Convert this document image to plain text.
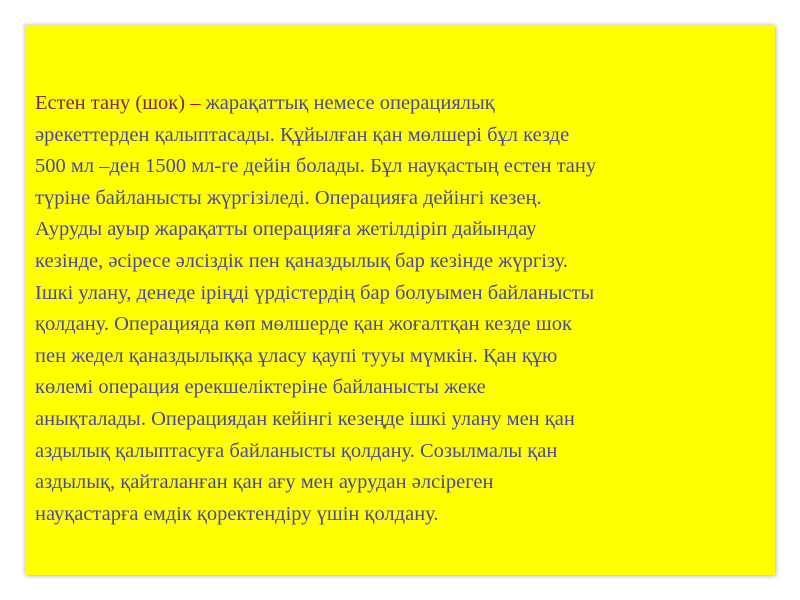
Естен тану (шок) – жарақаттық немесе операциялық
әрекеттерден қалыптасады. Құйылған қан мөлшері бұл кезде
500 мл –ден 1500 мл-ге дейін болады. Бұл науқастың естен тану
түріне байланысты жүргізіледі. Операцияға дейінгі кезең.
Ауруды ауыр жарақатты операцияға жетілдіріп дайындау
кезінде, әсіресе әлсіздік пен қаназдылық бар кезінде жүргізу.
Ішкі улану, денеде іріңді үрдістердің бар болуымен байланысты
қолдану. Операцияда көп мөлшерде қан жоғалтқан кезде шок
пен жедел қаназдылыққа ұласу қаупі тууы мүмкін. Қан құю
көлемі операция ерекшеліктеріне байланысты жеке
анықталады. Операциядан кейінгі кезеңде ішкі улану мен қан
аздылық қалыптасуға байланысты қолдану. Созылмалы қан
аздылық, қайталанған қан ағу мен аурудан әлсіреген
науқастарға емдік қоректендіру үшін қолдану.
